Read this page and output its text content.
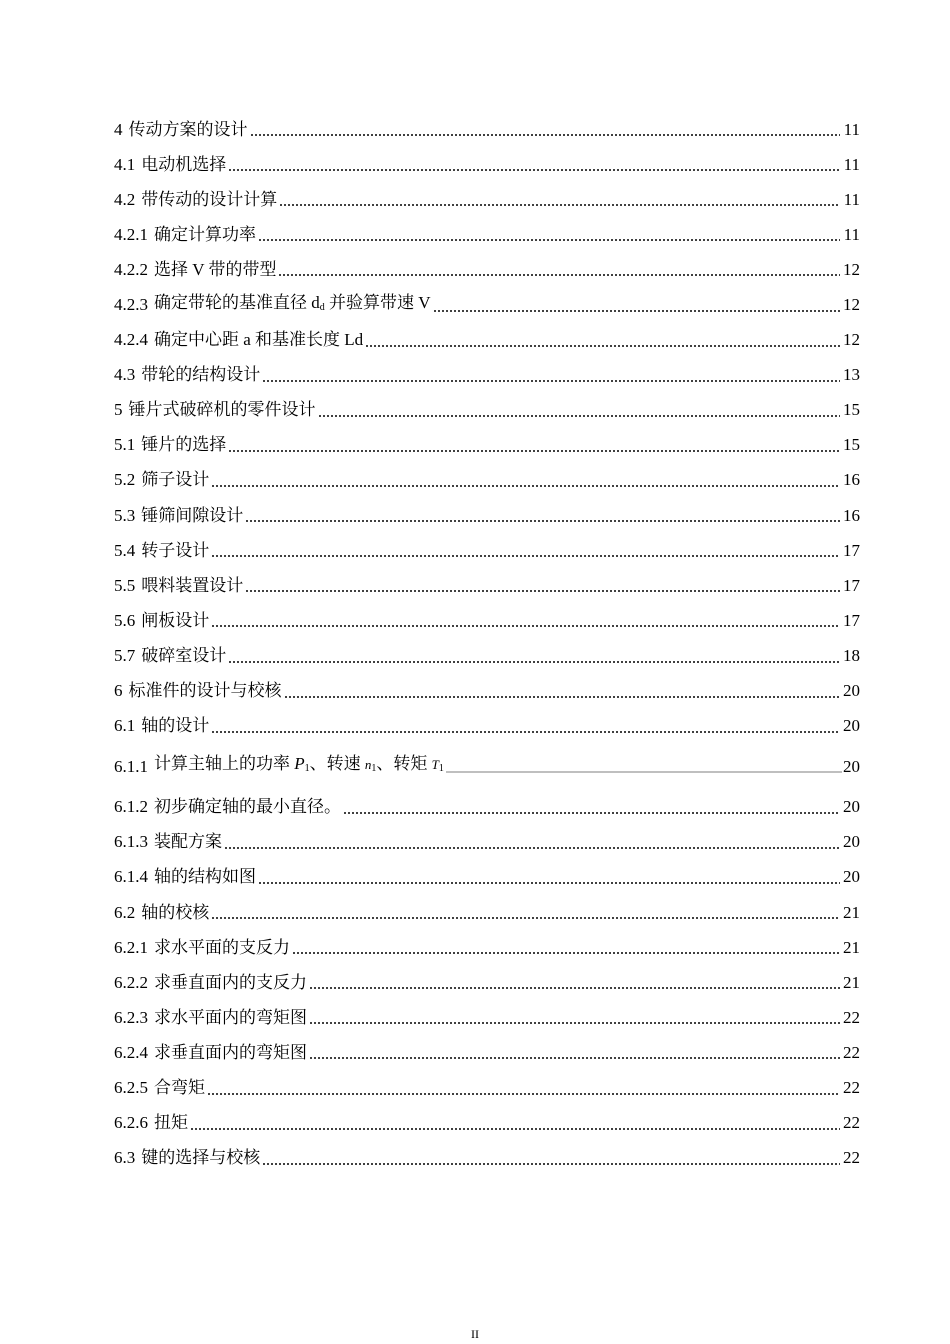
4 传动方案的设计	11
4.1 电动机选择	11
4.2 带传动的设计计算	11
4.2.1 确定计算功率	11
4.2.2 选择 V 带的带型	12
4.2.3 确定带轮的基准直径 $d_d$ 并验算带速 V	12
4.2.4 确定中心距 a 和基准长度 Ld	12
4.3 带轮的结构设计	13
5 锤片式破碎机的零件设计	15
5.1 锤片的选择	15
5.2 筛子设计	16
5.3 锤筛间隙设计	16
5.4 转子设计	17
5.5 喂料装置设计	17
5.6 闸板设计	17
5.7 破碎室设计	18
6 标准件的设计与校核	20
6.1 轴的设计	20
6.1.1 计算主轴上的功率 $P_1$、转速 $n_1$、转矩 $T_1$	20
6.1.2 初步确定轴的最小直径。	20
6.1.3 装配方案	20
6.1.4 轴的结构如图	20
6.2 轴的校核	21
6.2.1 求水平面的支反力	21
6.2.2 求垂直面内的支反力	21
6.2.3 求水平面内的弯矩图	22
6.2.4 求垂直面内的弯矩图	22
6.2.5 合弯矩	22
6.2.6 扭矩	22
6.3 键的选择与校核	22
II
